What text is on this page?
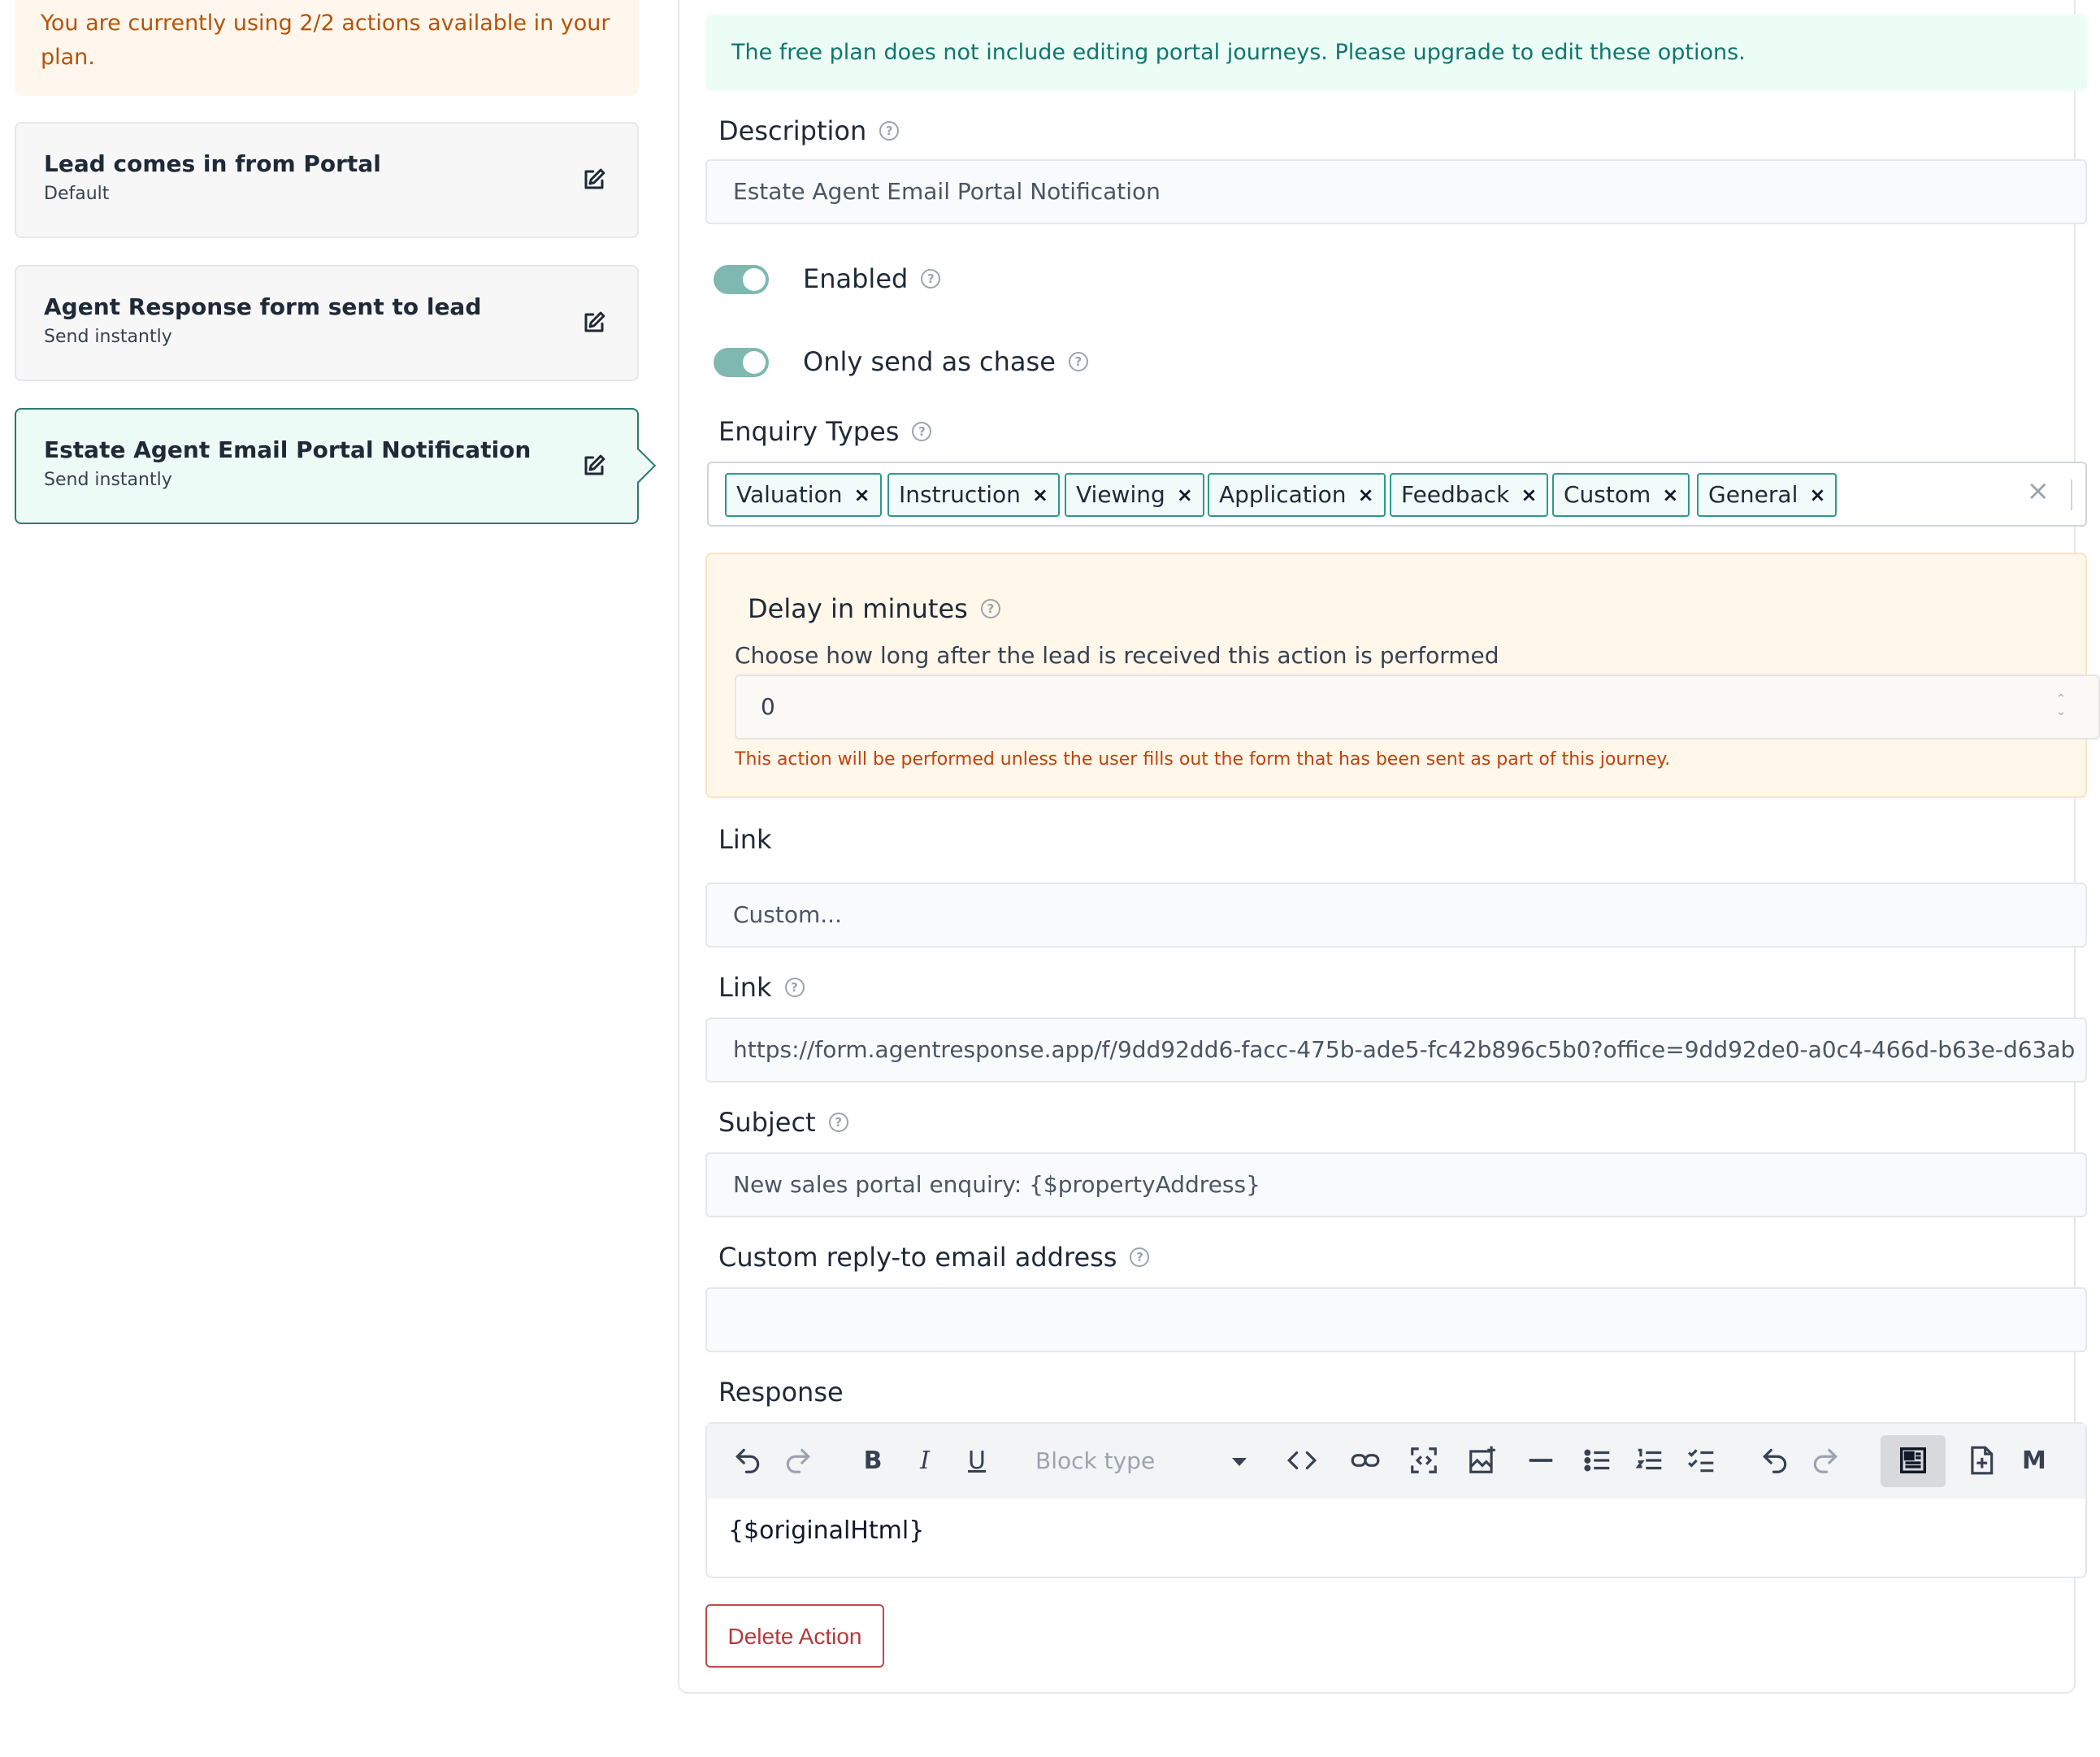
You are currently using 2/2 actions available in your plan.
Lead comes in from Portal
Default
Agent Response form sent to lead
Send instantly
Estate Agent Email Portal Notification
Send instantly
The free plan does not include editing portal journeys. Please upgrade to edit these options.
Description	?
Estate Agent Email Portal Notification
Enabled	?
Only send as chase	?
Enquiry Types	?
Valuation × Instruction × Viewing × Application × Feedback × Custom × General ×	×
Delay in minutes	?
Choose how long after the lead is received this action is performed
0	⌃
⌄
This action will be performed unless the user fills out the form that has been sent as part of this journey.
Link
Custom...
Link	?
https://form.agentresponse.app/f/9dd92dd6-facc-475b-ade5-fc42b896c5b0?office=9dd92de0-a0c4-466d-b63e-d63ab
Subject	?
New sales portal enquiry: {$propertyAddress}
Custom reply-to email address	?
Response
B	I	U	Block type	M
{$originalHtml}
Delete Action
